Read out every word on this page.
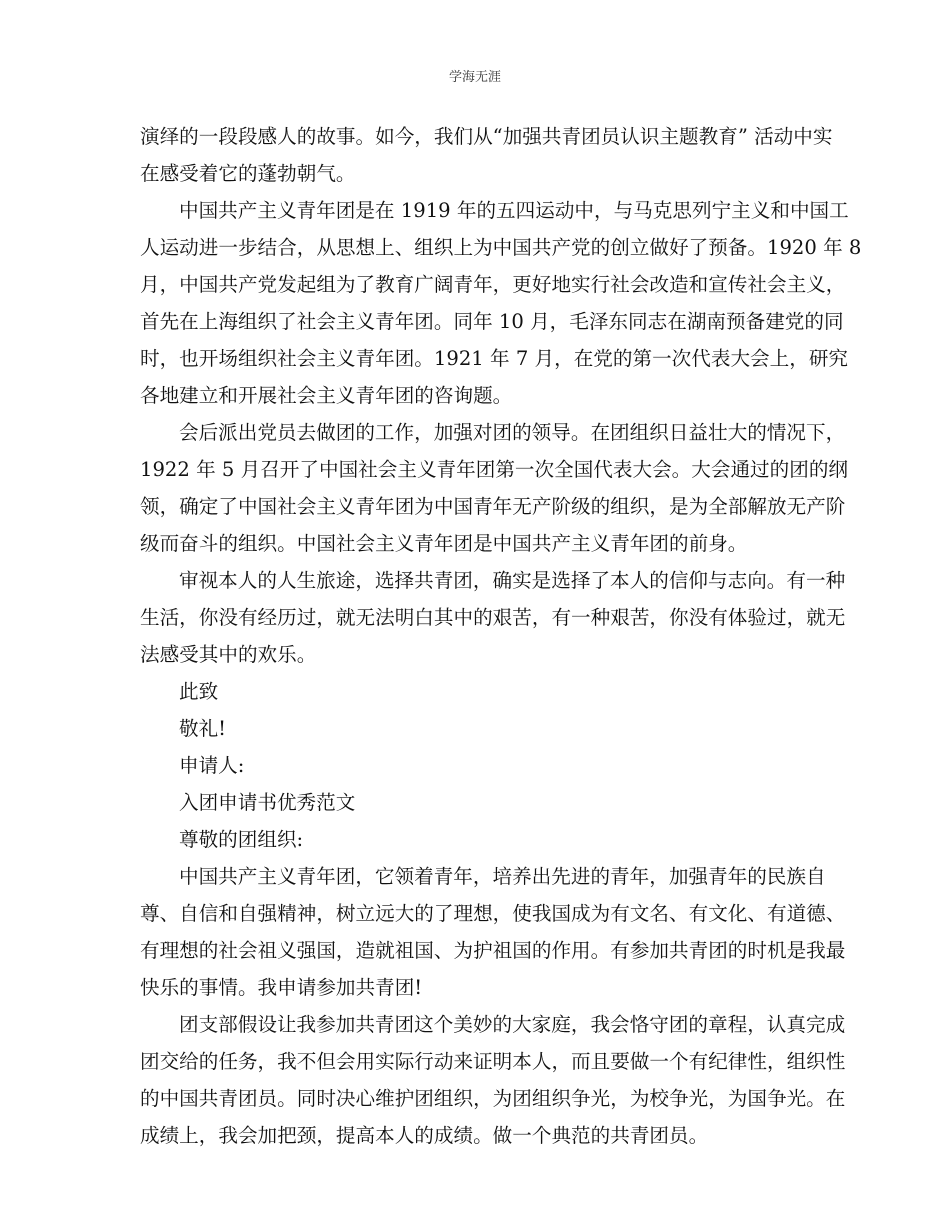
学海无涯
演绎的一段段感人的故事。如今，我们从“加强共青团员认识主题教育” 活动中实
在感受着它的蓬勃朝气。
中国共产主义青年团是在 1919 年的五四运动中，与马克思列宁主义和中国工
人运动进一步结合，从思想上、组织上为中国共产党的创立做好了预备。1920 年 8
月，中国共产党发起组为了教育广阔青年，更好地实行社会改造和宣传社会主义，
首先在上海组织了社会主义青年团。同年 10 月，毛泽东同志在湖南预备建党的同
时，也开场组织社会主义青年团。1921 年 7 月，在党的第一次代表大会上，研究
各地建立和开展社会主义青年团的咨询题。
会后派出党员去做团的工作，加强对团的领导。在团组织日益壮大的情况下，
1922 年 5 月召开了中国社会主义青年团第一次全国代表大会。大会通过的团的纲
领，确定了中国社会主义青年团为中国青年无产阶级的组织，是为全部解放无产阶
级而奋斗的组织。中国社会主义青年团是中国共产主义青年团的前身。
审视本人的人生旅途，选择共青团，确实是选择了本人的信仰与志向。有一种
生活，你没有经历过，就无法明白其中的艰苦，有一种艰苦，你没有体验过，就无
法感受其中的欢乐。
此致
敬礼!
申请人:
入团申请书优秀范文
尊敬的团组织:
中国共产主义青年团，它领着青年，培养出先进的青年，加强青年的民族自
尊、自信和自强精神，树立远大的了理想，使我国成为有文名、有文化、有道德、
有理想的社会祖义强国，造就祖国、为护祖国的作用。有参加共青团的时机是我最
快乐的事情。我申请参加共青团!
团支部假设让我参加共青团这个美妙的大家庭，我会恪守团的章程，认真完成
团交给的任务，我不但会用实际行动来证明本人，而且要做一个有纪律性，组织性
的中国共青团员。同时决心维护团组织，为团组织争光，为校争光，为国争光。在
成绩上，我会加把颈，提高本人的成绩。做一个典范的共青团员。
